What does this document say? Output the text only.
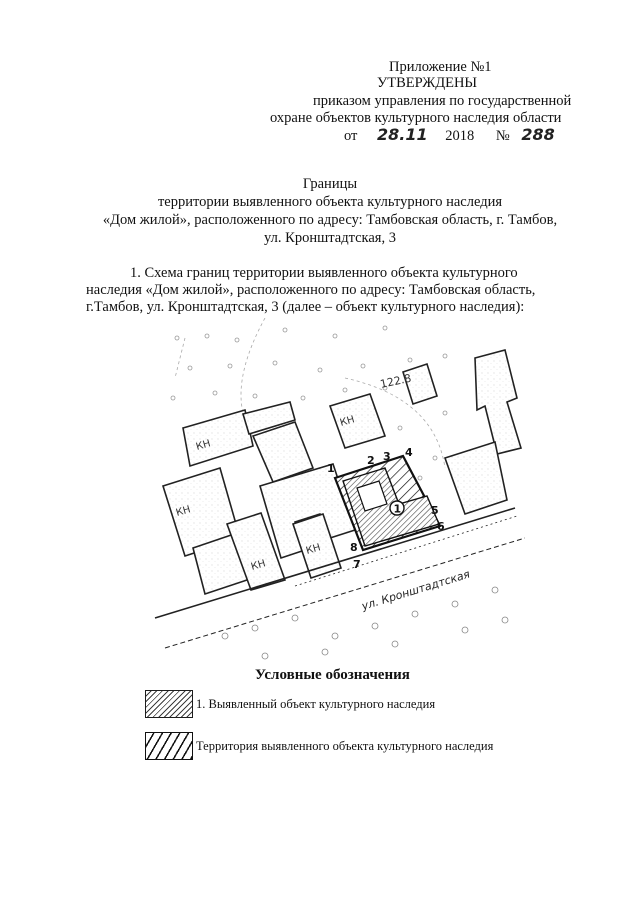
Приложение №1
УТВЕРЖДЕНЫ
приказом управления по государственной
охране объектов культурного наследия области
от 28.11 2018 № 288
Границы
территории выявленного объекта культурного наследия
«Дом жилой», расположенного по адресу: Тамбовская область, г. Тамбов,
ул. Кронштадтская, 3
1. Схема границ территории выявленного объекта культурного
наследия «Дом жилой», расположенного по адресу: Тамбовская область,
г.Тамбов, ул. Кронштадтская, 3 (далее – объект культурного наследия):
КН
КН
КН
КН
КН
122.8
1
1
2 3 4
5
6
7
8
ул. Кронштадтская
Условные обозначения
1. Выявленный объект культурного наследия
Территория выявленного объекта культурного наследия
